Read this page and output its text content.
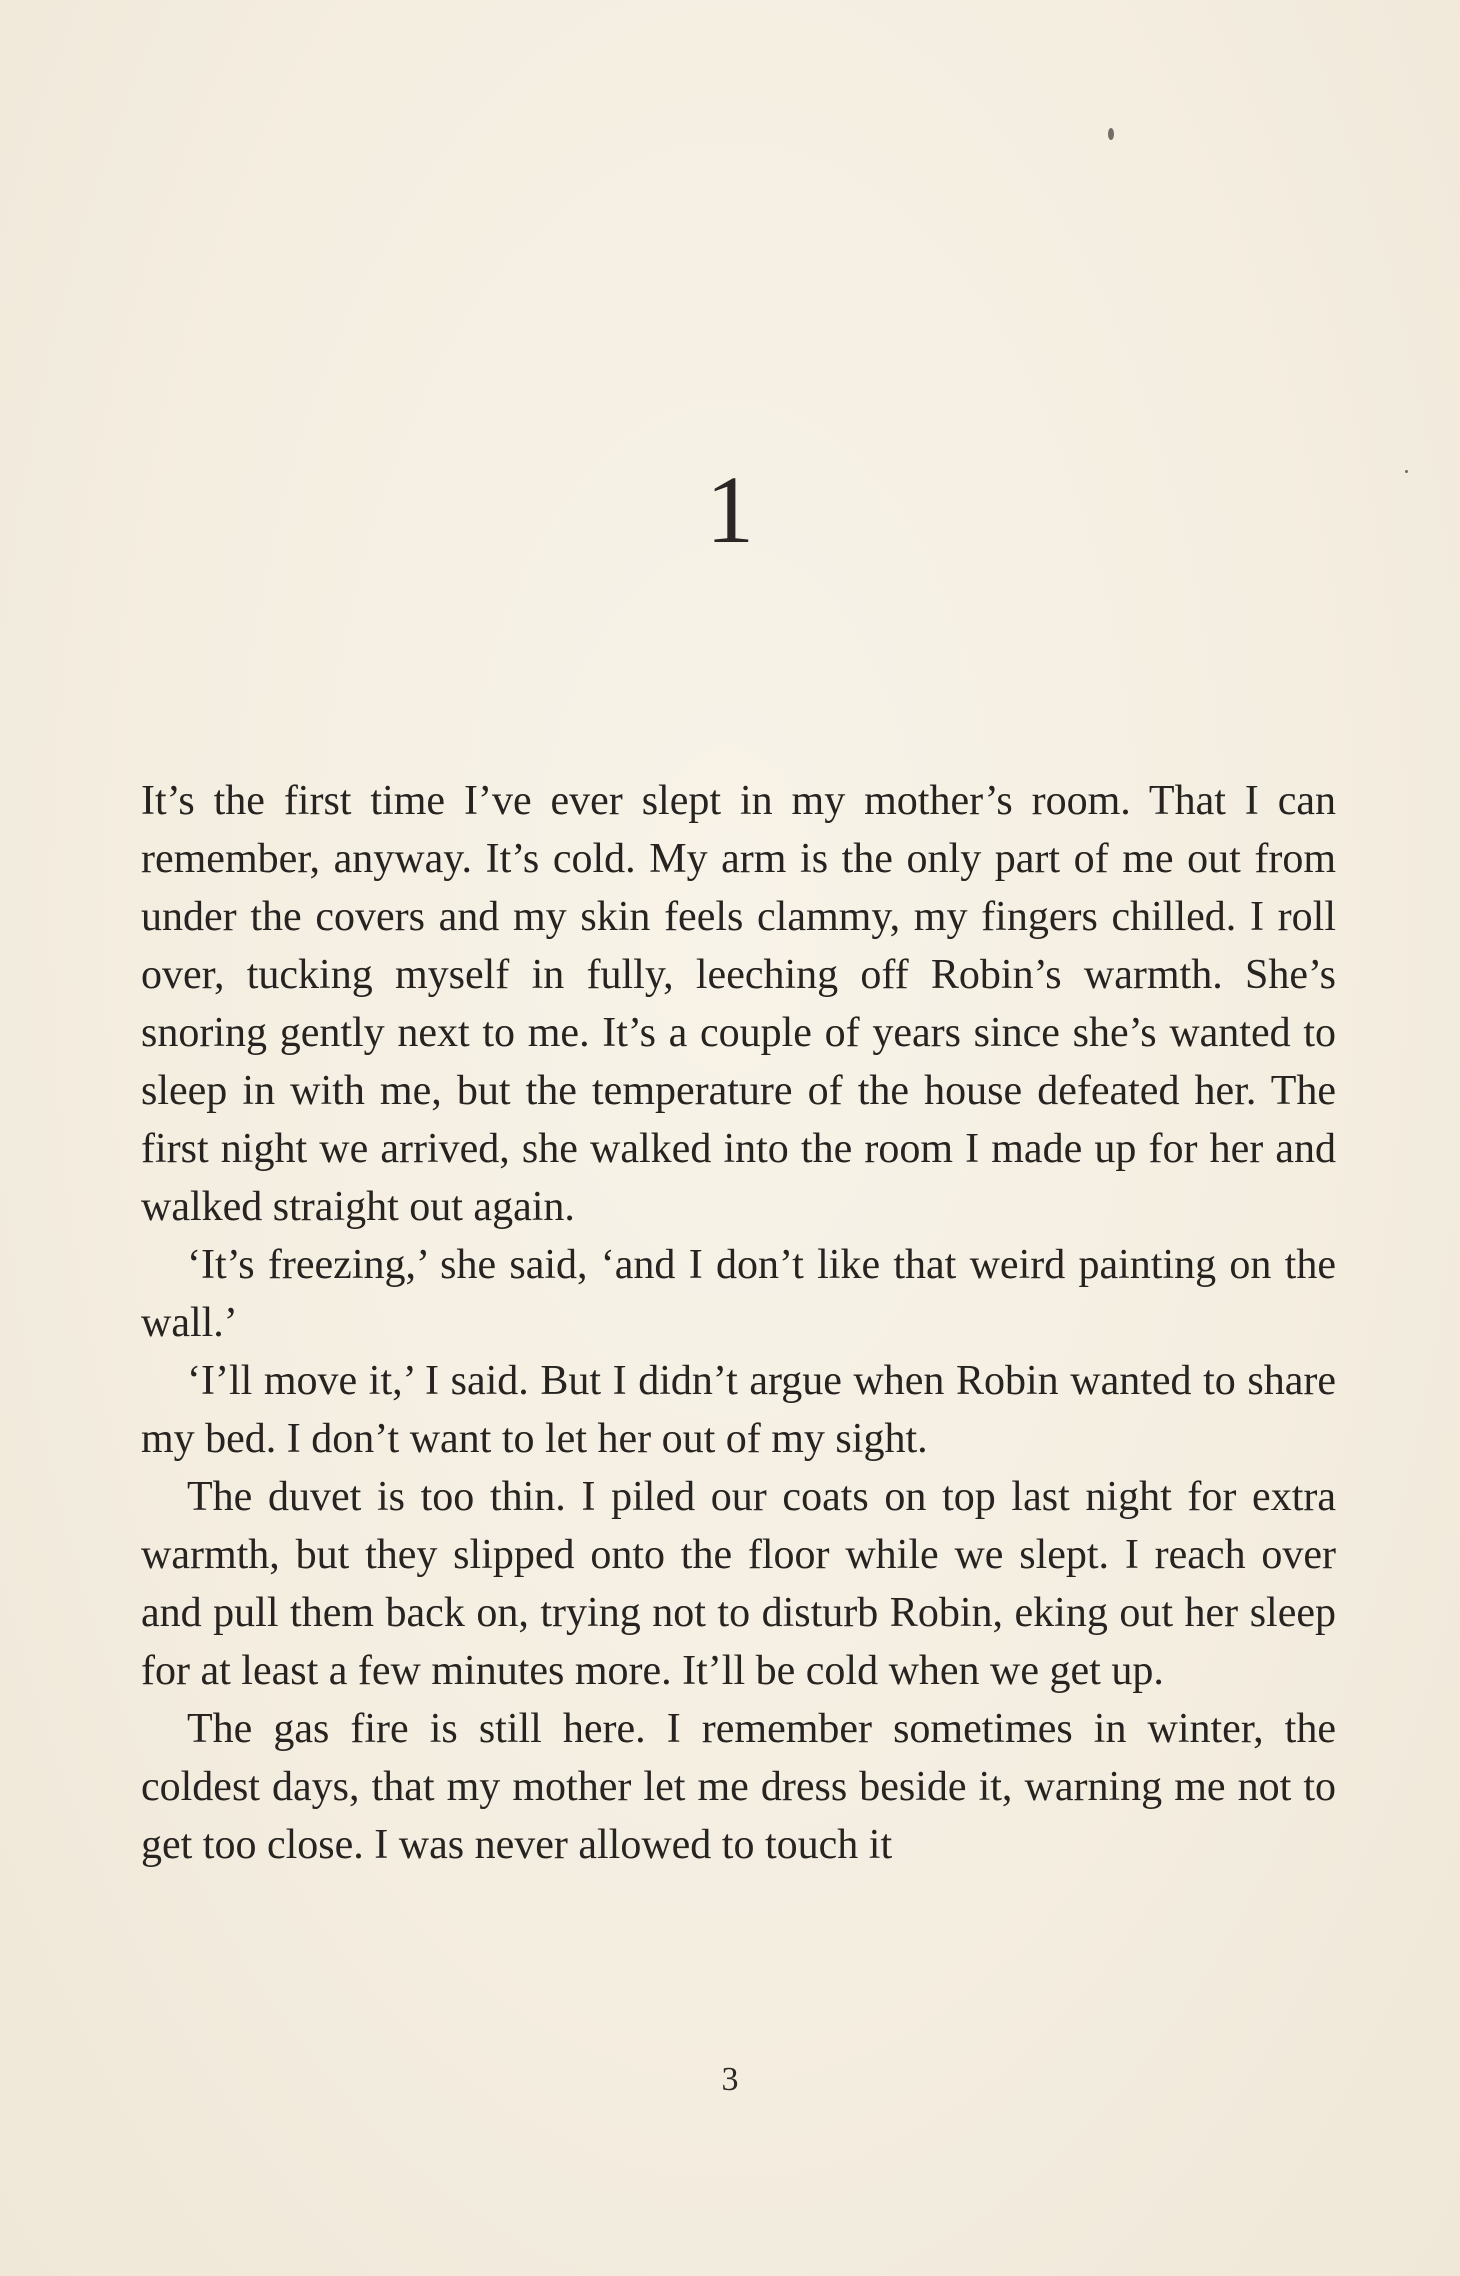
1

It’s the first time I’ve ever slept in my mother’s room. That I can remember, anyway. It’s cold. My arm is the only part of me out from under the covers and my skin feels clammy, my fingers chilled. I roll over, tucking myself in fully, leeching off Robin’s warmth. She’s snoring gently next to me. It’s a couple of years since she’s wanted to sleep in with me, but the temperature of the house defeated her. The first night we arrived, she walked into the room I made up for her and walked straight out again.

‘It’s freezing,’ she said, ‘and I don’t like that weird painting on the wall.’

‘I’ll move it,’ I said. But I didn’t argue when Robin wanted to share my bed. I don’t want to let her out of my sight.

The duvet is too thin. I piled our coats on top last night for extra warmth, but they slipped onto the floor while we slept. I reach over and pull them back on, trying not to disturb Robin, eking out her sleep for at least a few minutes more. It’ll be cold when we get up.

The gas fire is still here. I remember sometimes in winter, the coldest days, that my mother let me dress beside it, warning me not to get too close. I was never allowed to touch it

3
